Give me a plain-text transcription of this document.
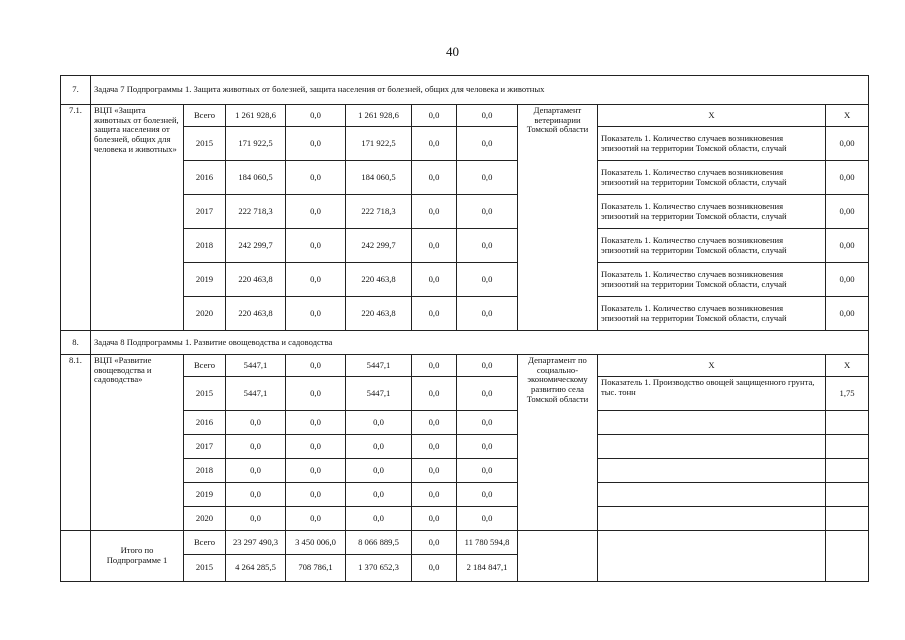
40
7.	Задача 7 Подпрограммы 1. Защита животных от болезней, защита населения от болезней, общих для человека и животных									
7.1.	ВЦП «Защита животных от болезней, защита населения от болезней, общих для человека и животных»	Всего	1 261 928,6	0,0	1 261 928,6	0,0	0,0	Департамент ветеринарии Томской области	Х	Х
		2015	171 922,5	0,0	171 922,5	0,0	0,0		Показатель 1. Количество случаев возникновения эпизоотий на территории Томской области, случай	0,00
		2016	184 060,5	0,0	184 060,5	0,0	0,0		Показатель 1. Количество случаев возникновения эпизоотий на территории Томской области, случай	0,00
		2017	222 718,3	0,0	222 718,3	0,0	0,0		Показатель 1. Количество случаев возникновения эпизоотий на территории Томской области, случай	0,00
		2018	242 299,7	0,0	242 299,7	0,0	0,0		Показатель 1. Количество случаев возникновения эпизоотий на территории Томской области, случай	0,00
		2019	220 463,8	0,0	220 463,8	0,0	0,0		Показатель 1. Количество случаев возникновения эпизоотий на территории Томской области, случай	0,00
		2020	220 463,8	0,0	220 463,8	0,0	0,0		Показатель 1. Количество случаев возникновения эпизоотий на территории Томской области, случай	0,00
8.	Задача 8 Подпрограммы 1. Развитие овощеводства и садоводства									
8.1.	ВЦП «Развитие овощеводства и садоводства»	Всего	5447,1	0,0	5447,1	0,0	0,0	Департамент по социально-экономическому развитию села Томской области	Х	Х
		2015	5447,1	0,0	5447,1	0,0	0,0		Показатель 1. Производство овощей защищенного грунта, тыс. тонн	1,75
		2016	0,0	0,0	0,0	0,0	0,0			
		2017	0,0	0,0	0,0	0,0	0,0			
		2018	0,0	0,0	0,0	0,0	0,0			
		2019	0,0	0,0	0,0	0,0	0,0			
		2020	0,0	0,0	0,0	0,0	0,0			
	Итого по Подпрограмме 1	Всего	23 297 490,3	3 450 006,0	8 066 889,5	0,0	11 780 594,8			
		2015	4 264 285,5	708 786,1	1 370 652,3	0,0	2 184 847,1			
